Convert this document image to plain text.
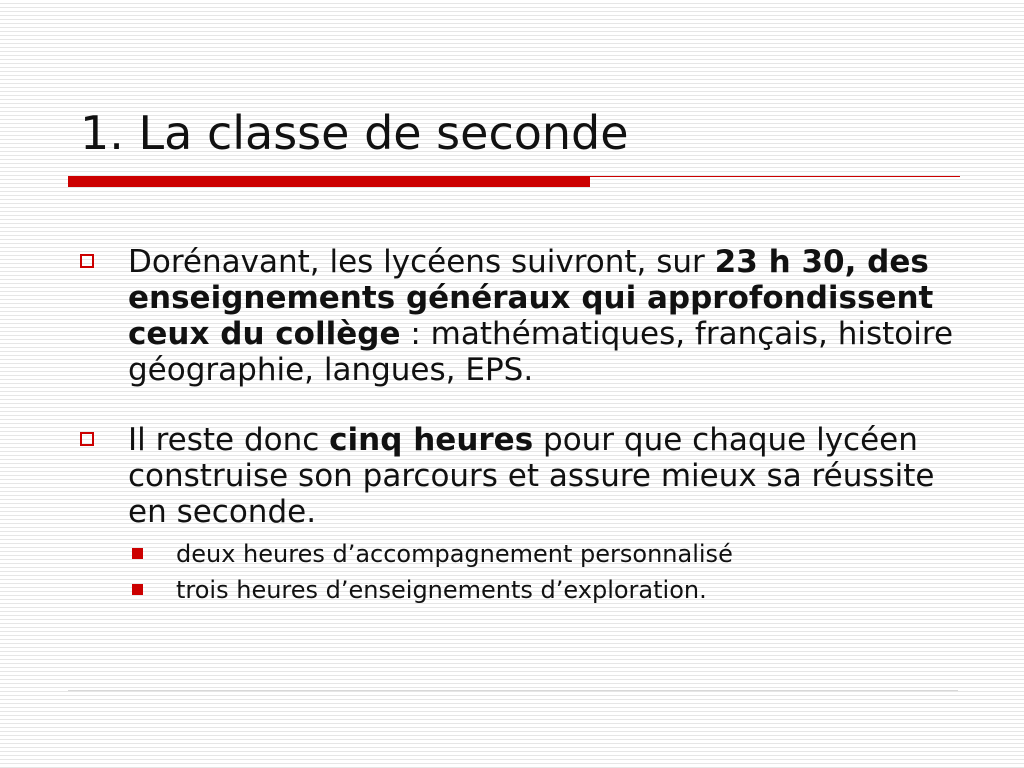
1. La classe de seconde
Dorénavant, les lycéens suivront, sur 23 h 30, des enseignements généraux qui approfondissent ceux du collège : mathématiques, français, histoire géographie, langues, EPS.
Il reste donc cinq heures pour que chaque lycéen construise son parcours et assure mieux sa réussite en seconde.
deux heures d’accompagnement personnalisé
trois heures d’enseignements d’exploration.
